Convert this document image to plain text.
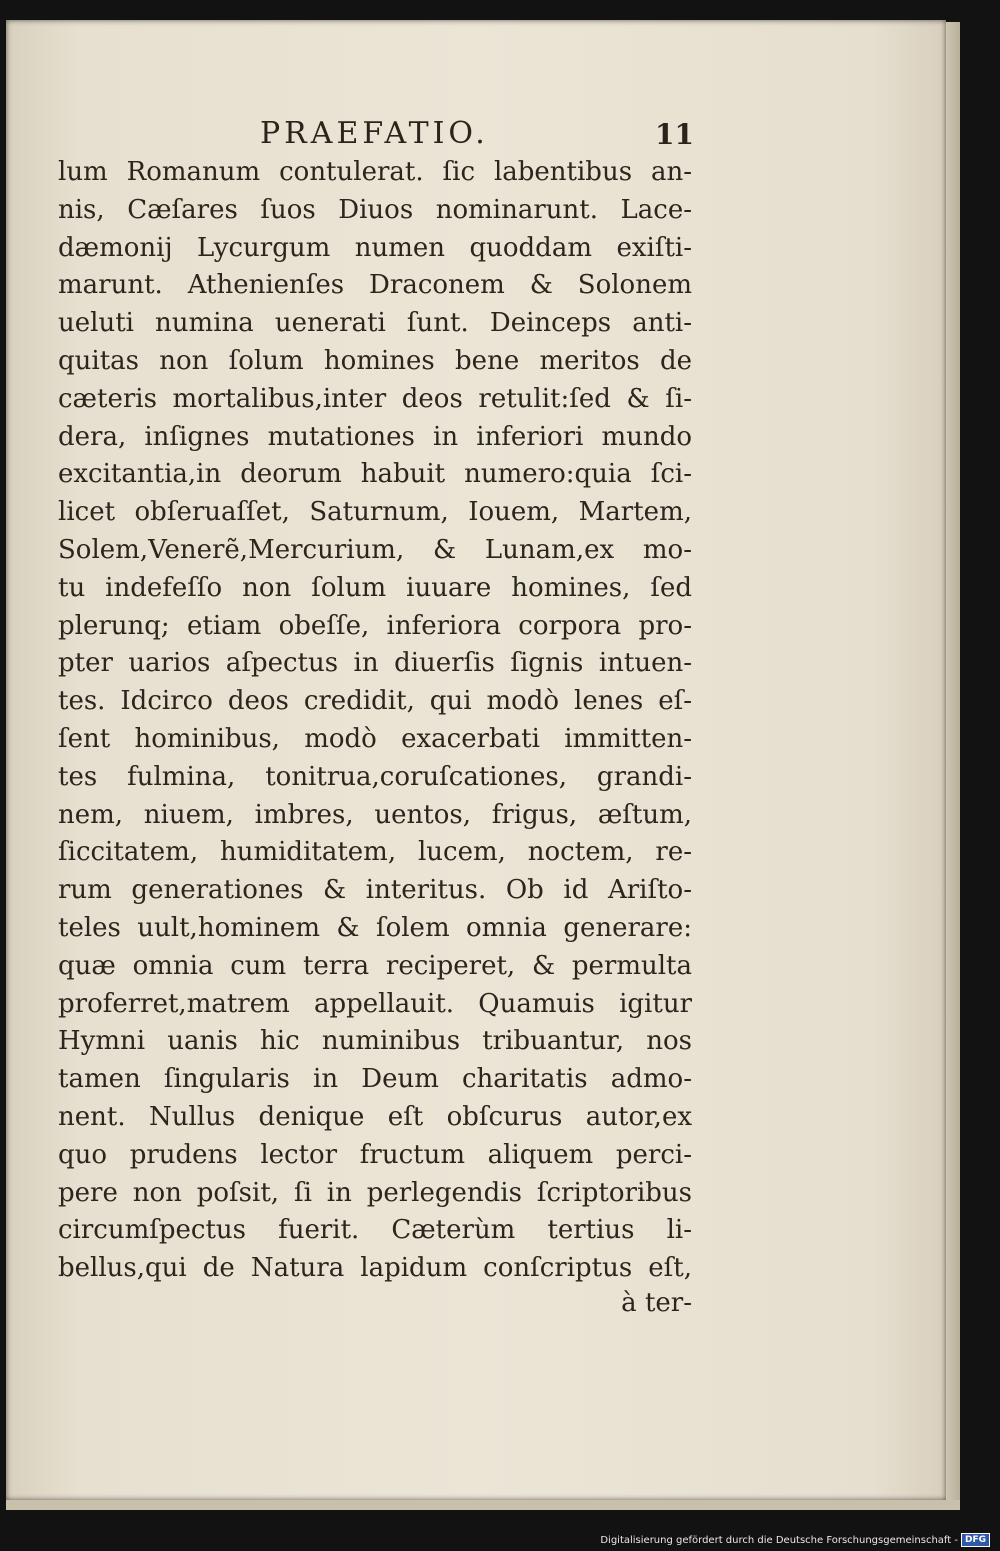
PRAEFATIO.	11
lum Romanum contulerat. ſic labentibus an-
nis, Cæſares ſuos Diuos nominarunt. Lace-
dæmonij Lycurgum numen quoddam exiſti-
marunt. Athenienſes Draconem & Solonem
ueluti numina uenerati ſunt. Deinceps anti-
quitas non ſolum homines bene meritos de
cæteris mortalibus,inter deos retulit:ſed & ſi-
dera, inſignes mutationes in inferiori mundo
excitantia,in deorum habuit numero:quia ſci-
licet obſeruaſſet, Saturnum, Iouem, Martem,
Solem,Venerẽ,Mercurium, & Lunam,ex mo-
tu indefeſſo non ſolum iuuare homines, ſed
plerunq; etiam obeſſe, inferiora corpora pro-
pter uarios aſpectus in diuerſis ſignis intuen-
tes. Idcirco deos credidit, qui modò lenes eſ-
ſent hominibus, modò exacerbati immitten-
tes fulmina, tonitrua,coruſcationes, grandi-
nem, niuem, imbres, uentos, frigus, æſtum,
ſiccitatem, humiditatem, lucem, noctem, re-
rum generationes & interitus. Ob id Ariſto-
teles uult,hominem & ſolem omnia generare:
quæ omnia cum terra reciperet, & permulta
proferret,matrem appellauit. Quamuis igitur
Hymni uanis hic numinibus tribuantur, nos
tamen ſingularis in Deum charitatis admo-
nent. Nullus denique eſt obſcurus autor,ex
quo prudens lector fructum aliquem perci-
pere non poſsit, ſi in perlegendis ſcriptoribus
circumſpectus fuerit. Cæterùm tertius li-
bellus,qui de Natura lapidum conſcriptus eſt,
à ter-
Digitalisierung gefördert durch die Deutsche Forschungsgemeinschaft - DFG
